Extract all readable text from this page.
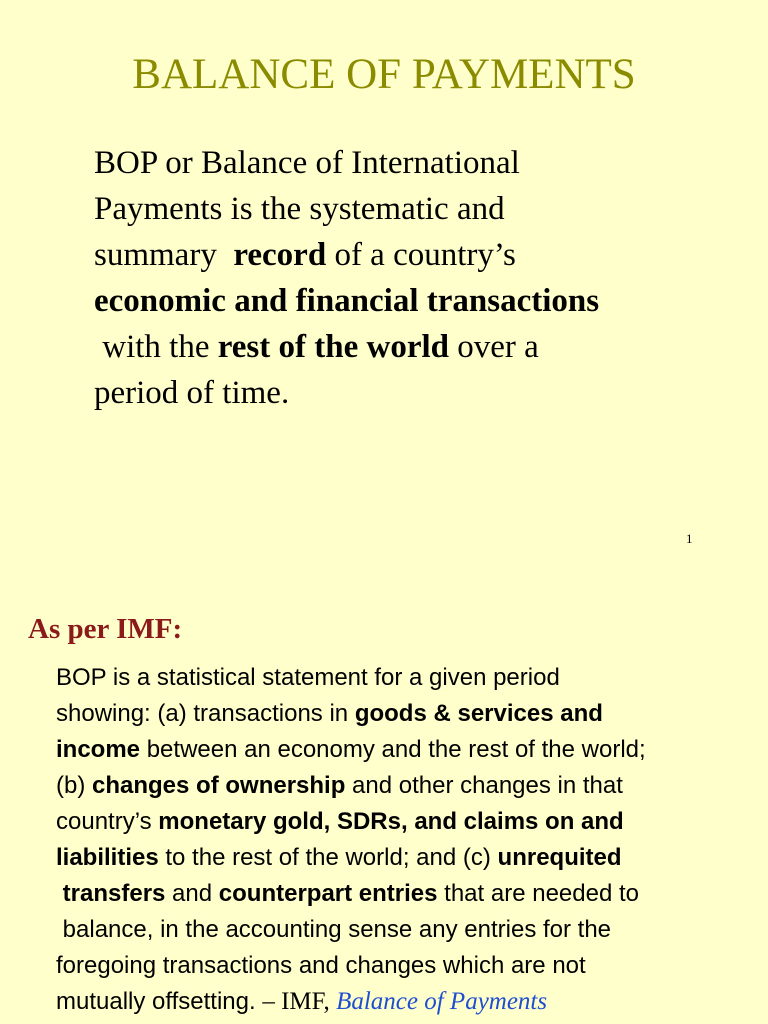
BALANCE OF PAYMENTS
BOP or Balance of International
Payments is the systematic and
summary  record of a country’s
economic and financial transactions
with the rest of the world over a
period of time.
1
As per IMF:
BOP is a statistical statement for a given period
showing: (a) transactions in goods & services and
income between an economy and the rest of the world;
(b) changes of ownership and other changes in that
country’s monetary gold, SDRs, and claims on and
liabilities to the rest of the world; and (c) unrequited
transfers and counterpart entries that are needed to
balance, in the accounting sense any entries for the
foregoing transactions and changes which are not
mutually offsetting. – IMF, Balance of Payments
